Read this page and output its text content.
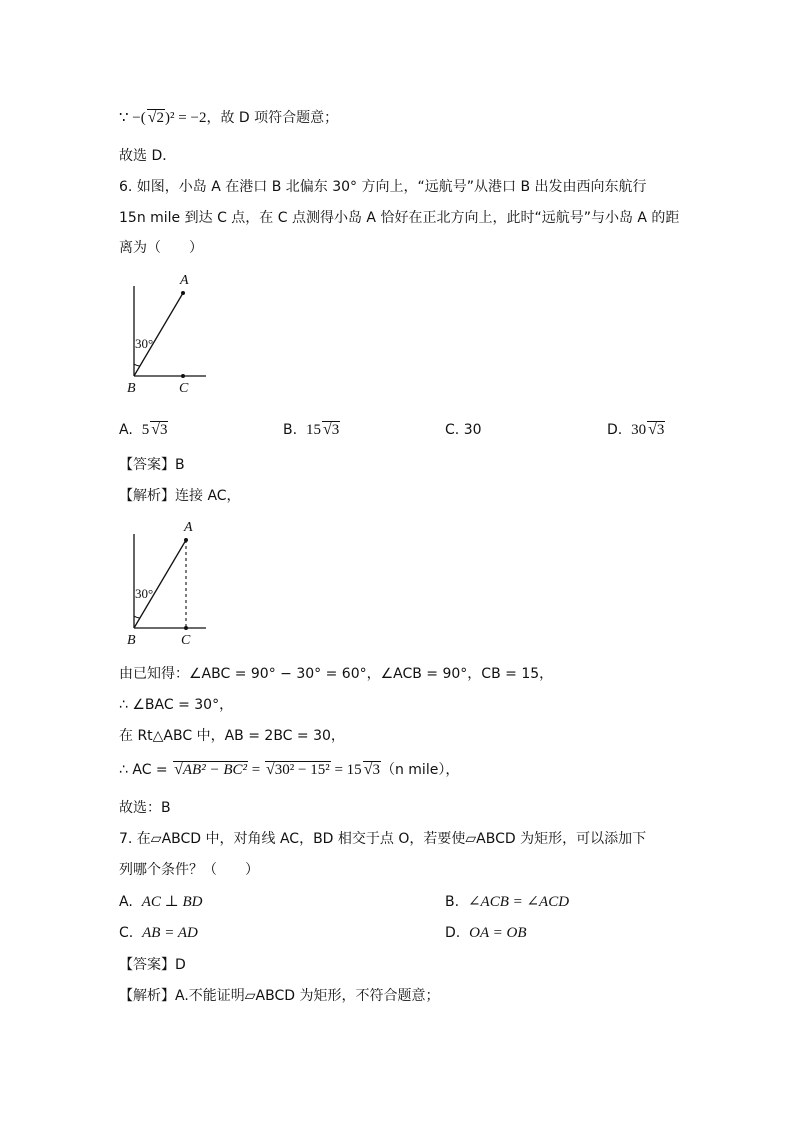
∵ −( √2)² = −2，故 D 项符合题意；
故选 D．
6. 如图，小岛 A 在港口 B 北偏东 30° 方向上，“远航号”从港口 B 出发由西向东航行
15n mile 到达 C 点，在 C 点测得小岛 A 恰好在正北方向上，此时“远航号”与小岛 A 的距
离为（　　）
A
B	C
30°
A. 5 √3	B. 15 √3	C. 30	D. 30 √3
【答案】B
【解析】连接 AC，
A
B	C
30°
由已知得：∠ABC = 90° − 30° = 60°，∠ACB = 90°，CB = 15，
∴ ∠BAC = 30°，
在 Rt△ABC 中，AB = 2BC = 30，
∴ AC = √AB² − BC² = √30² − 15² = 15 √3（n mile），
故选：B
7. 在▱ABCD 中，对角线 AC，BD 相交于点 O，若要使▱ABCD 为矩形，可以添加下
列哪个条件？（　　）
A. AC ⊥ BD	B. ∠ACB = ∠ACD
C. AB = AD	D. OA = OB
【答案】D
【解析】A.不能证明▱ABCD 为矩形，不符合题意；
